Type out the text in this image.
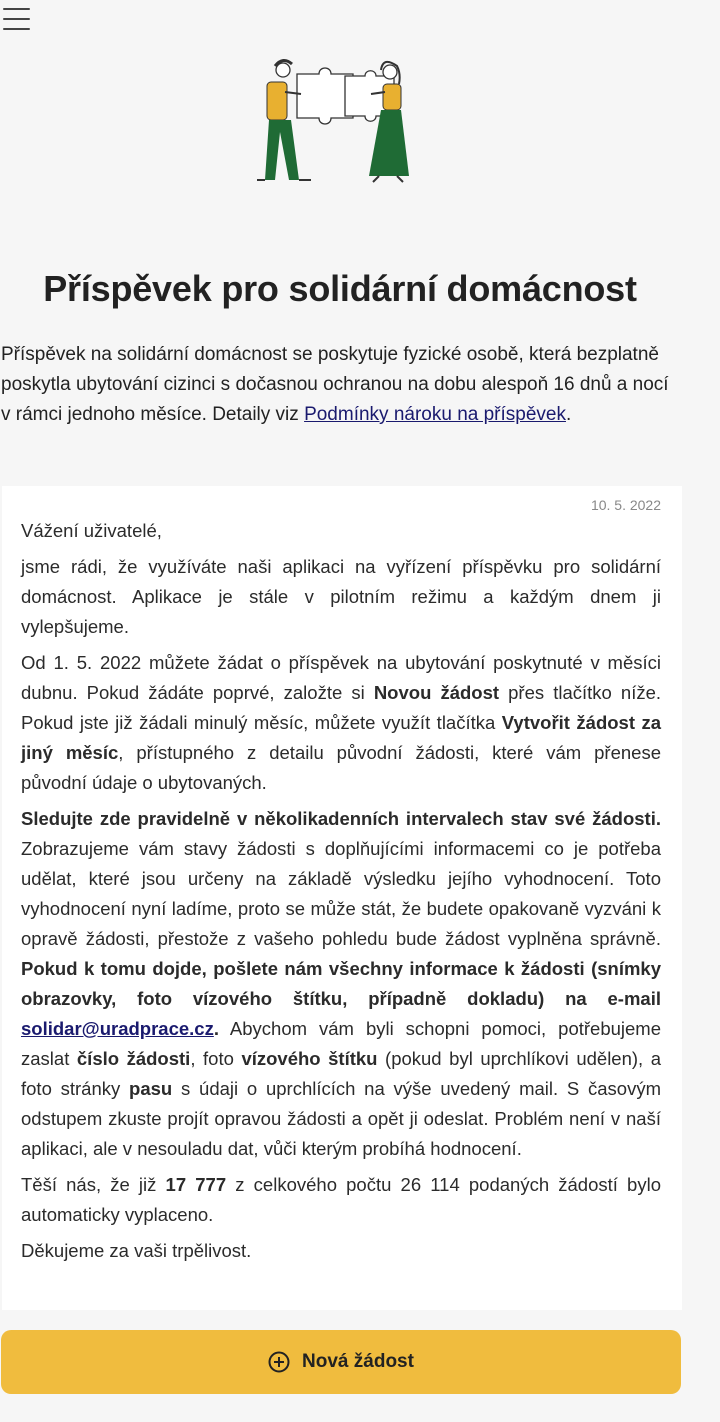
Příspěvek pro solidární domácnost

Příspěvek na solidární domácnost se poskytuje fyzické osobě, která bezplatně poskytla ubytování cizinci s dočasnou ochranou na dobu alespoň 16 dnů a nocí v rámci jednoho měsíce. Detaily viz Podmínky nároku na příspěvek.

10. 5. 2022

Vážení uživatelé,

jsme rádi, že využíváte naši aplikaci na vyřízení příspěvku pro solidární domácnost. Aplikace je stále v pilotním režimu a každým dnem ji vylepšujeme.

Od 1. 5. 2022 můžete žádat o příspěvek na ubytování poskytnuté v měsíci dubnu. Pokud žádáte poprvé, založte si Novou žádost přes tlačítko níže. Pokud jste již žádali minulý měsíc, můžete využít tlačítka Vytvořit žádost za jiný měsíc, přístupného z detailu původní žádosti, které vám přenese původní údaje o ubytovaných.

Sledujte zde pravidelně v několikadenních intervalech stav své žádosti. Zobrazujeme vám stavy žádosti s doplňujícími informacemi co je potřeba udělat, které jsou určeny na základě výsledku jejího vyhodnocení. Toto vyhodnocení nyní ladíme, proto se může stát, že budete opakovaně vyzváni k opravě žádosti, přestože z vašeho pohledu bude žádost vyplněna správně. Pokud k tomu dojde, pošlete nám všechny informace k žádosti (snímky obrazovky, foto vízového štítku, případně dokladu) na e-mail solidar@uradprace.cz. Abychom vám byli schopni pomoci, potřebujeme zaslat číslo žádosti, foto vízového štítku (pokud byl uprchlíkovi udělen), a foto stránky pasu s údaji o uprchlících na výše uvedený mail. S časovým odstupem zkuste projít opravou žádosti a opět ji odeslat. Problém není v naší aplikaci, ale v nesouladu dat, vůči kterým probíhá hodnocení.

Těší nás, že již 17 777 z celkového počtu 26 114 podaných žádostí bylo automaticky vyplaceno.

Děkujeme za vaši trpělivost.

Nová žádost
